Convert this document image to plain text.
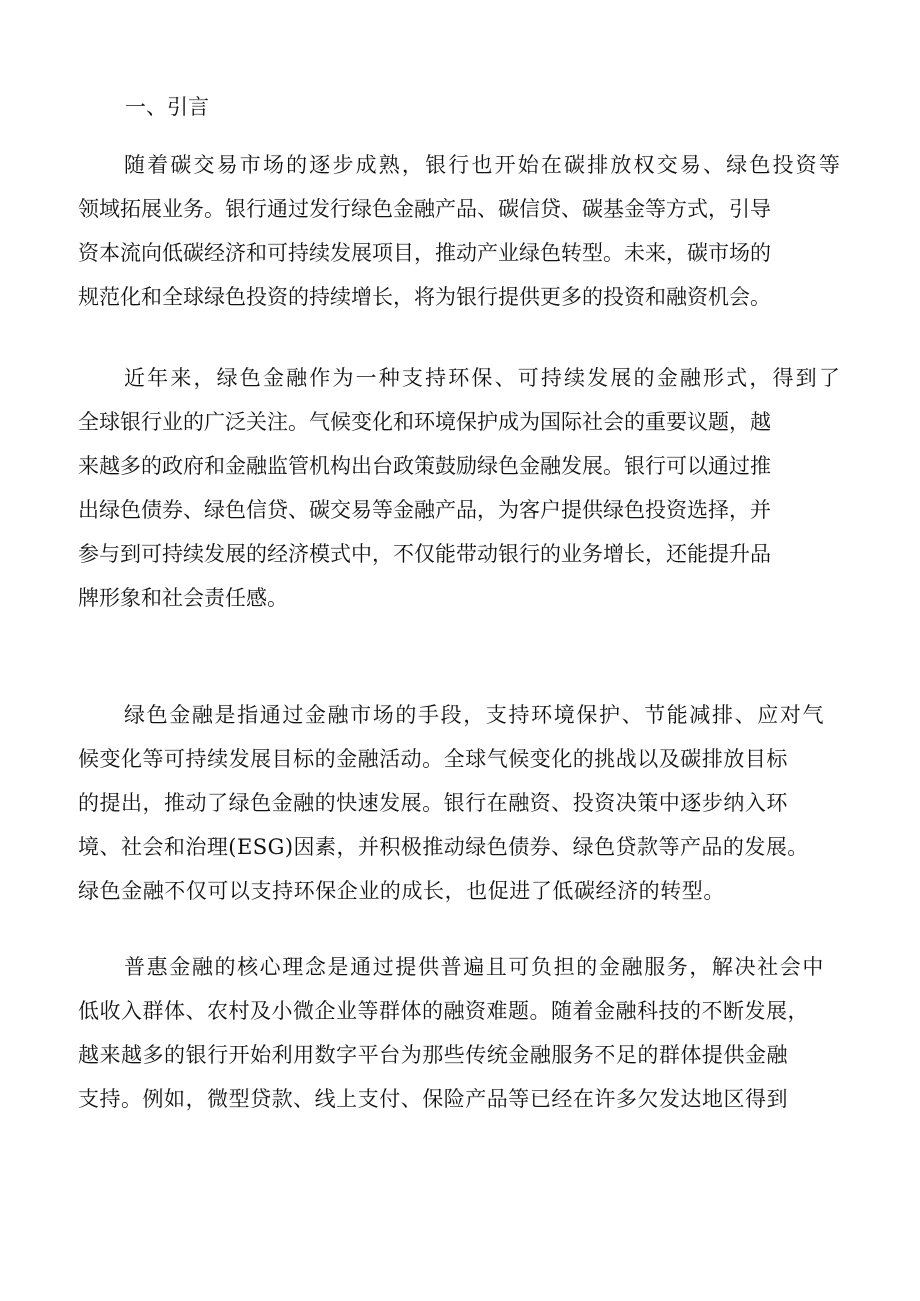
一、引言
随着碳交易市场的逐步成熟，银行也开始在碳排放权交易、绿色投资等
领域拓展业务。银行通过发行绿色金融产品、碳信贷、碳基金等方式，引导
资本流向低碳经济和可持续发展项目，推动产业绿色转型。未来，碳市场的
规范化和全球绿色投资的持续增长，将为银行提供更多的投资和融资机会。
近年来，绿色金融作为一种支持环保、可持续发展的金融形式，得到了
全球银行业的广泛关注。气候变化和环境保护成为国际社会的重要议题，越
来越多的政府和金融监管机构出台政策鼓励绿色金融发展。银行可以通过推
出绿色债券、绿色信贷、碳交易等金融产品，为客户提供绿色投资选择，并
参与到可持续发展的经济模式中，不仅能带动银行的业务增长，还能提升品
牌形象和社会责任感。
绿色金融是指通过金融市场的手段，支持环境保护、节能减排、应对气
候变化等可持续发展目标的金融活动。全球气候变化的挑战以及碳排放目标
的提出，推动了绿色金融的快速发展。银行在融资、投资决策中逐步纳入环
境、社会和治理(ESG)因素，并积极推动绿色债券、绿色贷款等产品的发展。
绿色金融不仅可以支持环保企业的成长，也促进了低碳经济的转型。
普惠金融的核心理念是通过提供普遍且可负担的金融服务，解决社会中
低收入群体、农村及小微企业等群体的融资难题。随着金融科技的不断发展，
越来越多的银行开始利用数字平台为那些传统金融服务不足的群体提供金融
支持。例如，微型贷款、线上支付、保险产品等已经在许多欠发达地区得到
